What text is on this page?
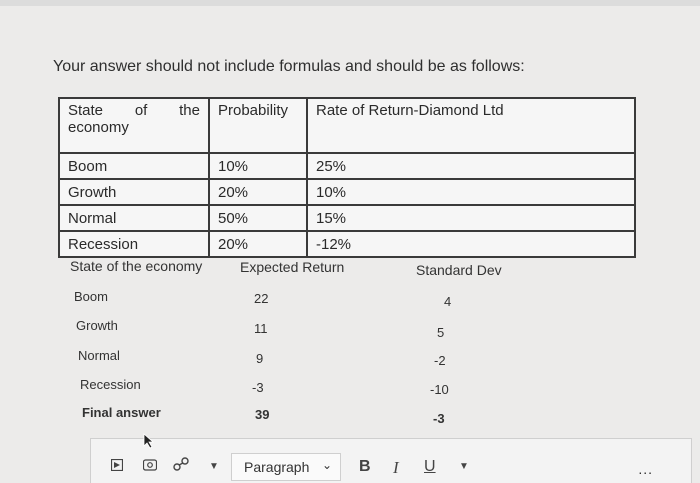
Your answer should not include formulas and should be as follows:
State of the
economy	Probability	Rate of Return-Diamond Ltd
Boom	10%	25%
Growth	20%	10%
Normal	50%	15%
Recession	20%	-12%
State of the economy	Expected Return	Standard Dev
Boom	22	4
Growth	11	5
Normal	9	-2
Recession	-3	-10
Final answer	39	-3
▼ Paragraph ⌄ B I U ▼	...
